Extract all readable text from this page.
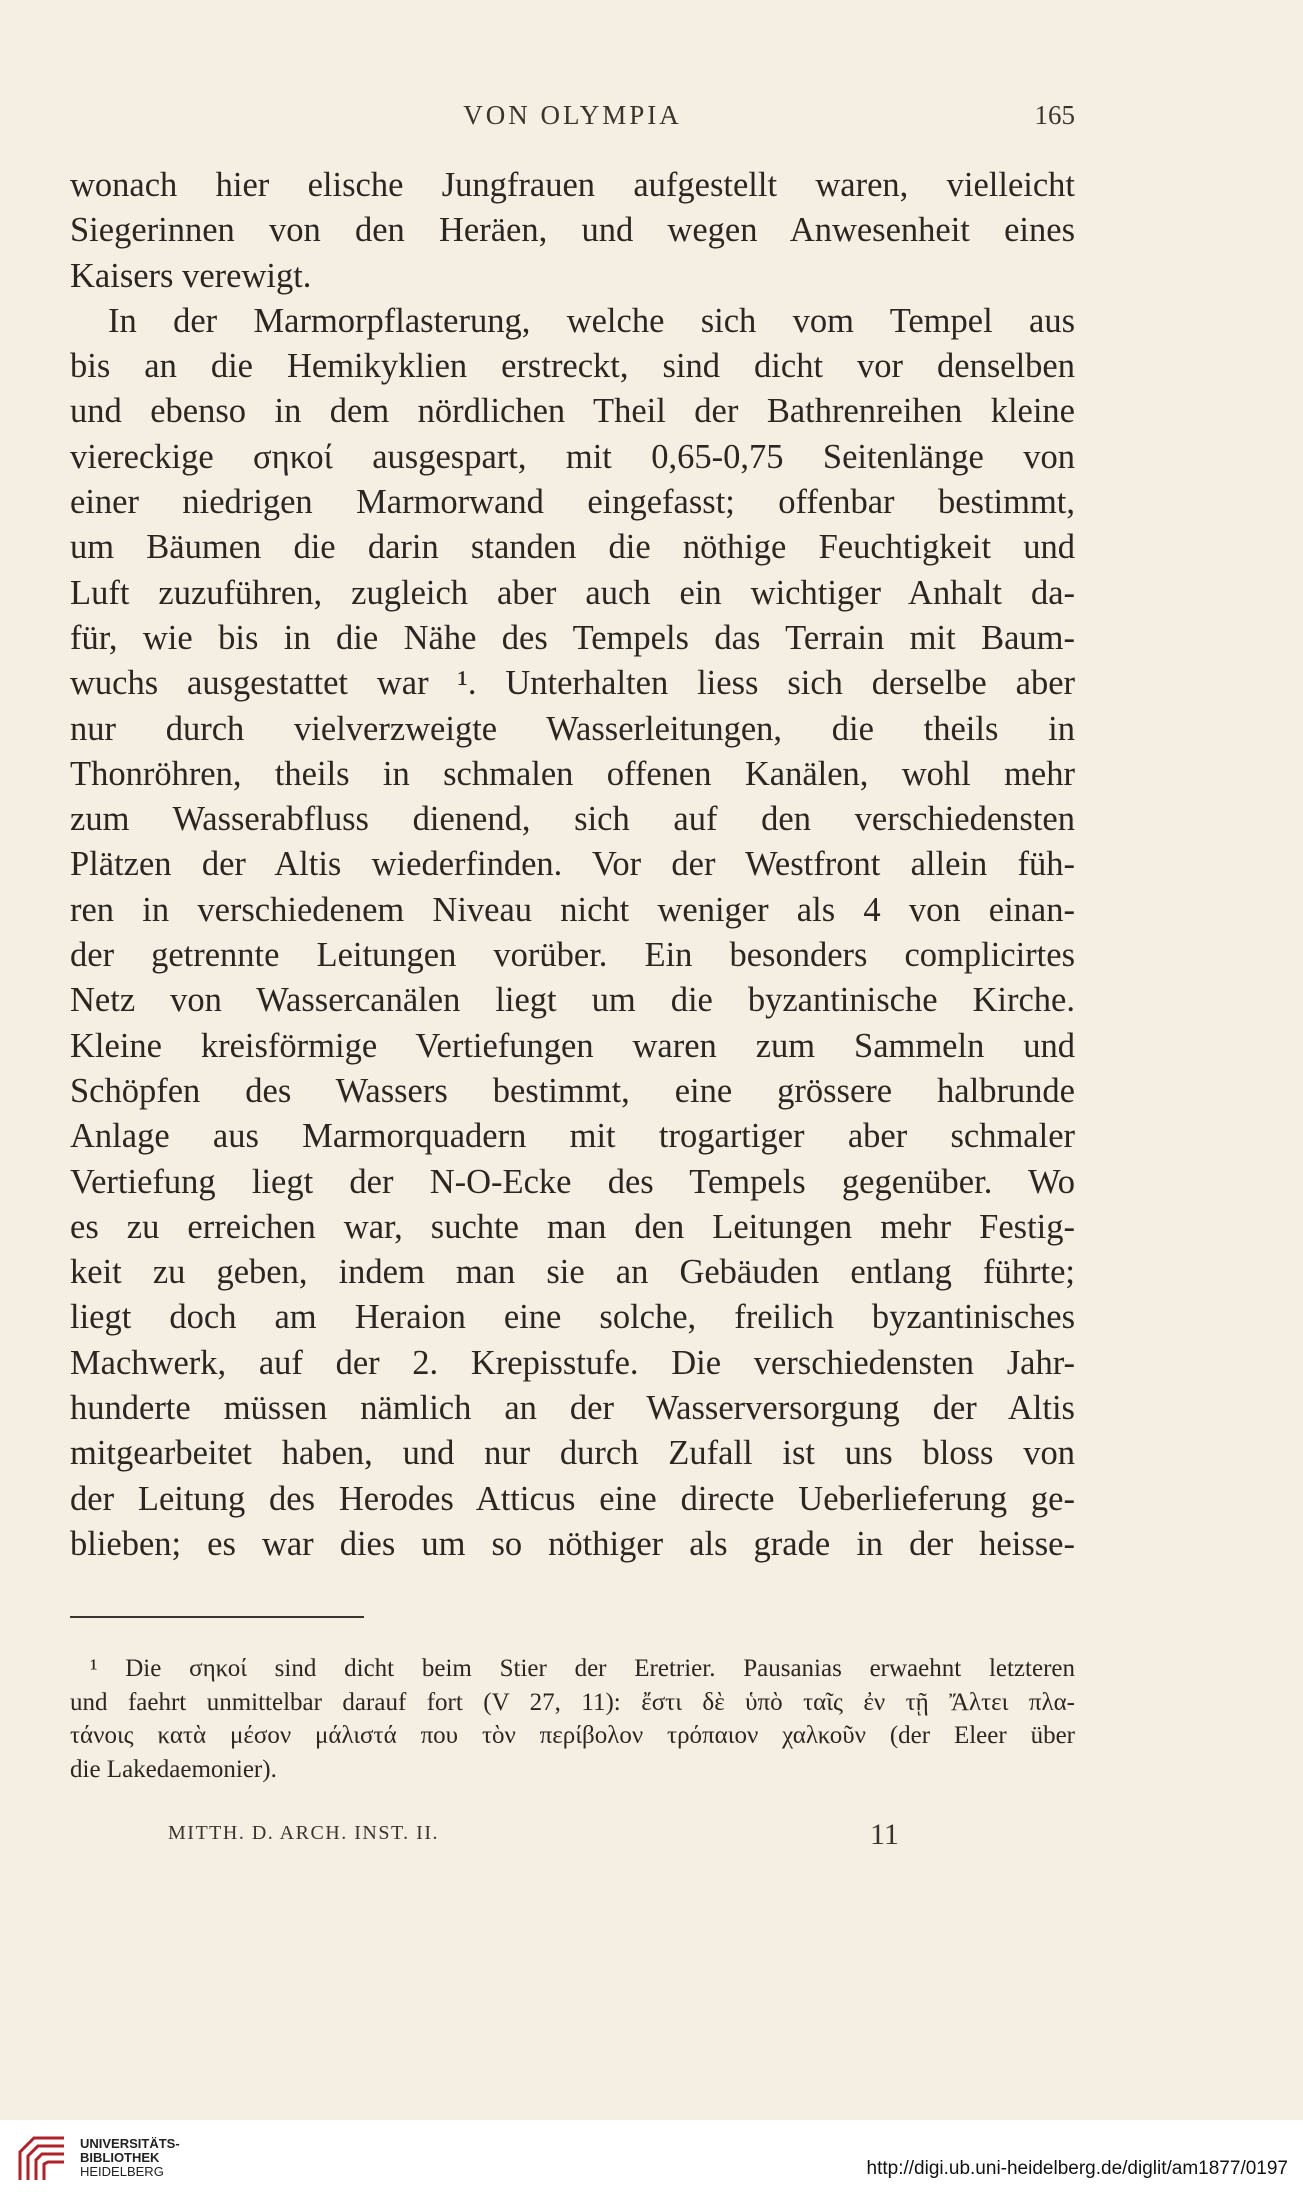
VON OLYMPIA	165
wonach hier elische Jungfrauen aufgestellt waren, vielleicht
Siegerinnen von den Heräen, und wegen Anwesenheit eines
Kaisers verewigt.
In der Marmorpflasterung, welche sich vom Tempel aus
bis an die Hemikyklien erstreckt, sind dicht vor denselben
und ebenso in dem nördlichen Theil der Bathrenreihen kleine
viereckige σηκοί ausgespart, mit 0,65-0,75 Seitenlänge von
einer niedrigen Marmorwand eingefasst; offenbar bestimmt,
um Bäumen die darin standen die nöthige Feuchtigkeit und
Luft zuzuführen, zugleich aber auch ein wichtiger Anhalt da-
für, wie bis in die Nähe des Tempels das Terrain mit Baum-
wuchs ausgestattet war ¹. Unterhalten liess sich derselbe aber
nur durch vielverzweigte Wasserleitungen, die theils in
Thonröhren, theils in schmalen offenen Kanälen, wohl mehr
zum Wasserabfluss dienend, sich auf den verschiedensten
Plätzen der Altis wiederfinden. Vor der Westfront allein füh-
ren in verschiedenem Niveau nicht weniger als 4 von einan-
der getrennte Leitungen vorüber. Ein besonders complicirtes
Netz von Wassercanälen liegt um die byzantinische Kirche.
Kleine kreisförmige Vertiefungen waren zum Sammeln und
Schöpfen des Wassers bestimmt, eine grössere halbrunde
Anlage aus Marmorquadern mit trogartiger aber schmaler
Vertiefung liegt der N-O-Ecke des Tempels gegenüber. Wo
es zu erreichen war, suchte man den Leitungen mehr Festig-
keit zu geben, indem man sie an Gebäuden entlang führte;
liegt doch am Heraion eine solche, freilich byzantinisches
Machwerk, auf der 2. Krepisstufe. Die verschiedensten Jahr-
hunderte müssen nämlich an der Wasserversorgung der Altis
mitgearbeitet haben, und nur durch Zufall ist uns bloss von
der Leitung des Herodes Atticus eine directe Ueberlieferung ge-
blieben; es war dies um so nöthiger als grade in der heisse-
¹ Die σηκοί sind dicht beim Stier der Eretrier. Pausanias erwaehnt letzteren
und faehrt unmittelbar darauf fort (V 27, 11): ἔστι δὲ ὑπὸ ταῖς ἐν τῇ Ἄλτει πλα-
τάνοις κατὰ μέσον μάλιστά που τὸν περίβολον τρόπαιον χαλκοῦν (der Eleer über
die Lakedaemonier).
MITTH. D. ARCH. INST. II.	11
UNIVERSITÄTS-
BIBLIOTHEK
HEIDELBERG	http://digi.ub.uni-heidelberg.de/diglit/am1877/0197
